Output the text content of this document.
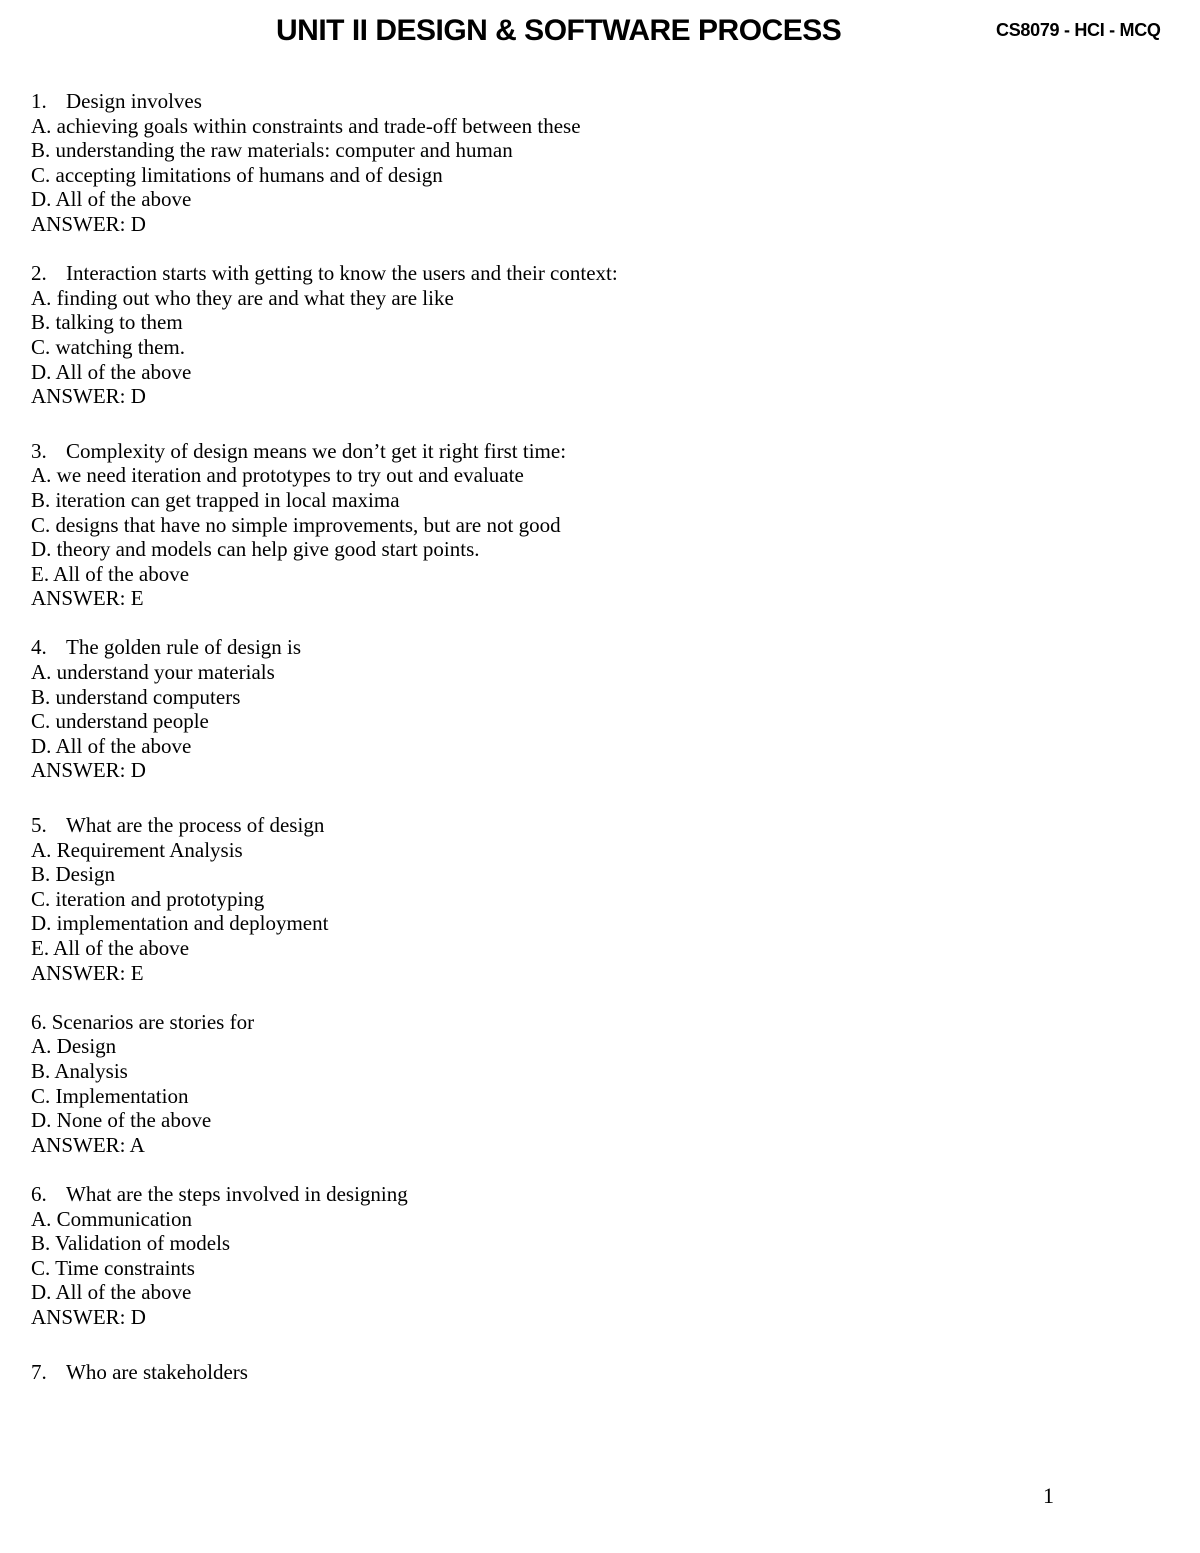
UNIT II DESIGN & SOFTWARE PROCESS	CS8079 - HCI - MCQ
1. Design involves
A. achieving goals within constraints and trade-off between these
B. understanding the raw materials: computer and human
C. accepting limitations of humans and of design
D. All of the above
ANSWER: D
2. Interaction starts with getting to know the users and their context:
A. finding out who they are and what they are like
B. talking to them
C. watching them.
D. All of the above
ANSWER: D
3. Complexity of design means we don’t get it right first time:
A. we need iteration and prototypes to try out and evaluate
B. iteration can get trapped in local maxima
C. designs that have no simple improvements, but are not good
D. theory and models can help give good start points.
E. All of the above
ANSWER: E
4. The golden rule of design is
A. understand your materials
B. understand computers
C. understand people
D. All of the above
ANSWER: D
5. What are the process of design
A. Requirement Analysis
B. Design
C. iteration and prototyping
D. implementation and deployment
E. All of the above
ANSWER: E
6. Scenarios are stories for
A. Design
B. Analysis
C. Implementation
D. None of the above
ANSWER: A
6. What are the steps involved in designing
A. Communication
B. Validation of models
C. Time constraints
D. All of the above
ANSWER: D
7. Who are stakeholders
1
